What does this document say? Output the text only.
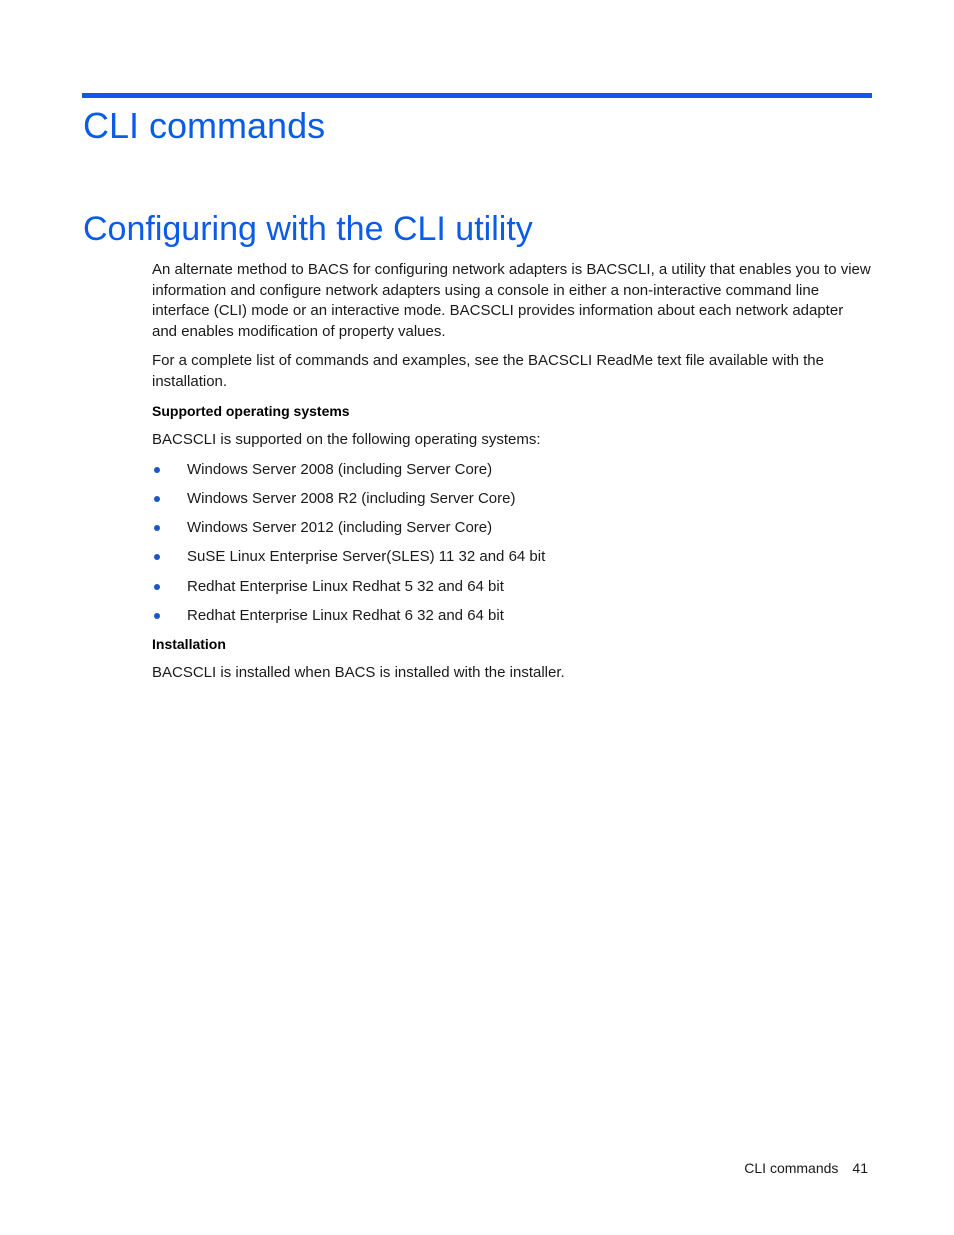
CLI commands
Configuring with the CLI utility

An alternate method to BACS for configuring network adapters is BACSCLI, a utility that enables you to view information and configure network adapters using a console in either a non-interactive command line interface (CLI) mode or an interactive mode. BACSCLI provides information about each network adapter and enables modification of property values.

For a complete list of commands and examples, see the BACSCLI ReadMe text file available with the installation.

Supported operating systems

BACSCLI is supported on the following operating systems:

Windows Server 2008 (including Server Core)
Windows Server 2008 R2 (including Server Core)
Windows Server 2012 (including Server Core)
SuSE Linux Enterprise Server(SLES) 11 32 and 64 bit
Redhat Enterprise Linux Redhat 5 32 and 64 bit
Redhat Enterprise Linux Redhat 6 32 and 64 bit

Installation

BACSCLI is installed when BACS is installed with the installer.

CLI commands 41
